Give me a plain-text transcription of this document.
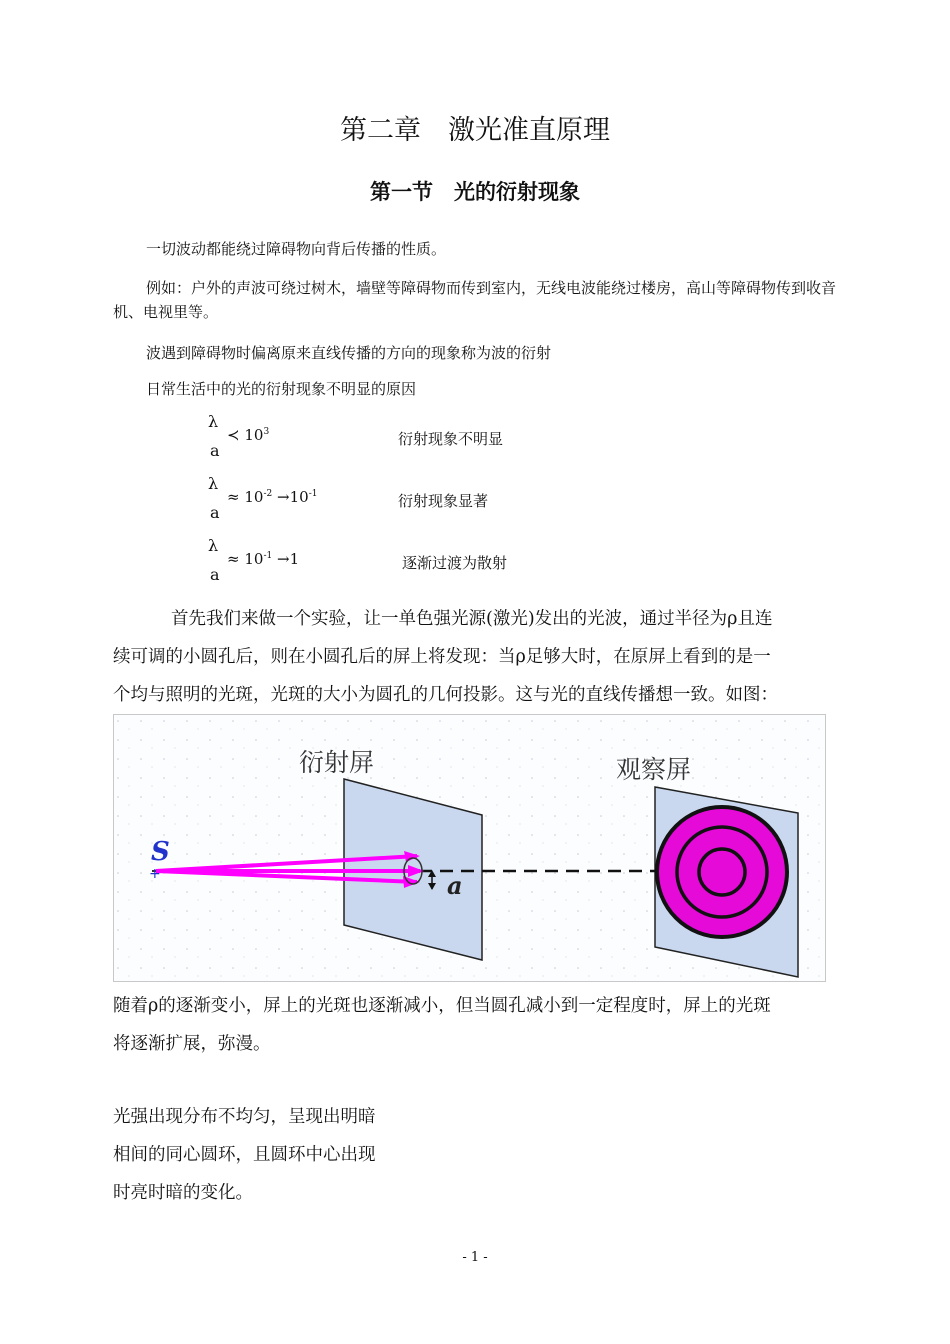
第二章　激光准直原理
第一节　光的衍射现象
一切波动都能绕过障碍物向背后传播的性质。
例如：户外的声波可绕过树木，墙壁等障碍物而传到室内，无线电波能绕过楼房，高山等障碍物传到收音机、电视里等。
波遇到障碍物时偏离原来直线传播的方向的现象称为波的衍射
日常生活中的光的衍射现象不明显的原因
λ
a
≺ $10^3$	衍射现象不明显
λ
a
≈ $10^{-2} \to 10^{-1}$	衍射现象显著
λ
a
≈ $10^{-1} \to 1$	逐渐过渡为散射
首先我们来做一个实验，让一单色强光源(激光)发出的光波，通过半径为ρ且连
续可调的小圆孔后，则在小圆孔后的屏上将发现：当ρ足够大时，在原屏上看到的是一
个均与照明的光斑，光斑的大小为圆孔的几何投影。这与光的直线传播想一致。如图：
衍射屏	观察屏
a
S
+
随着ρ的逐渐变小，屏上的光斑也逐渐减小，但当圆孔减小到一定程度时，屏上的光斑
将逐渐扩展，弥漫。
光强出现分布不均匀，呈现出明暗
相间的同心圆环，且圆环中心出现
时亮时暗的变化。
- 1 -
